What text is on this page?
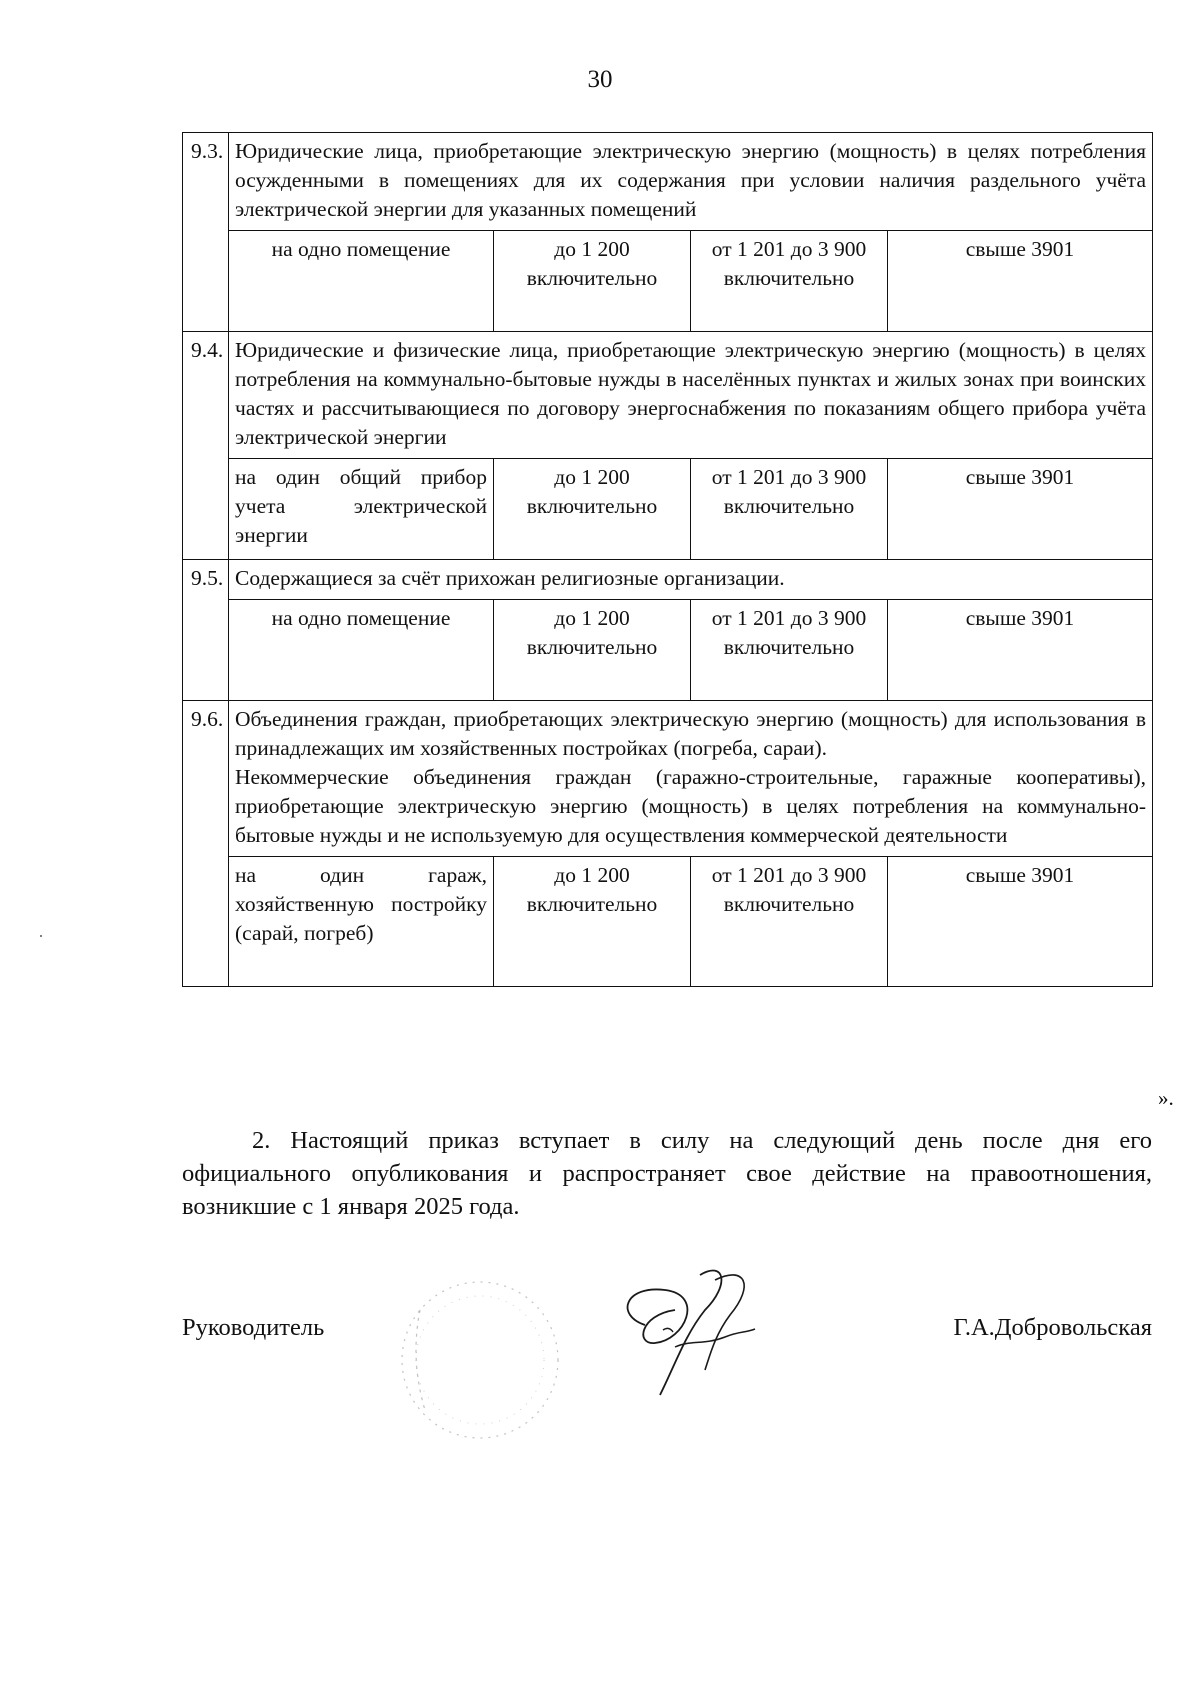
30
9.3.	Юридические лица, приобретающие электрическую энергию (мощность) в целях потребления осужденными в помещениях для их содержания при условии наличия раздельного учёта электрической энергии для указанных помещений			
	на одно помещение	до 1 200 включительно	от 1 201 до 3 900 включительно	свыше 3901
9.4.	Юридические и физические лица, приобретающие электрическую энергию (мощность) в целях потребления на коммунально-бытовые нужды в населённых пунктах и жилых зонах при воинских частях и рассчитывающиеся по договору энергоснабжения по показаниям общего прибора учёта электрической энергии			
	на один общий прибор учета электрической энергии	до 1 200 включительно	от 1 201 до 3 900 включительно	свыше 3901
9.5.	Содержащиеся за счёт прихожан религиозные организации.			
	на одно помещение	до 1 200 включительно	от 1 201 до 3 900 включительно	свыше 3901
9.6.	Объединения граждан, приобретающих электрическую энергию (мощность) для использования в принадлежащих им хозяйственных постройках (погреба, сараи).
Некоммерческие объединения граждан (гаражно-строительные, гаражные кооперативы), приобретающие электрическую энергию (мощность) в целях потребления на коммунально-бытовые нужды и не используемую для осуществления коммерческой деятельности			

	на один гараж, хозяйственную постройку (сарай, погреб)	до 1 200 включительно	от 1 201 до 3 900 включительно	свыше 3901
».
2. Настоящий приказ вступает в силу на следующий день после дня его официального опубликования и распространяет свое действие на правоотношения, возникшие с 1 января 2025 года.
Руководитель	Г.А.Добровольская
